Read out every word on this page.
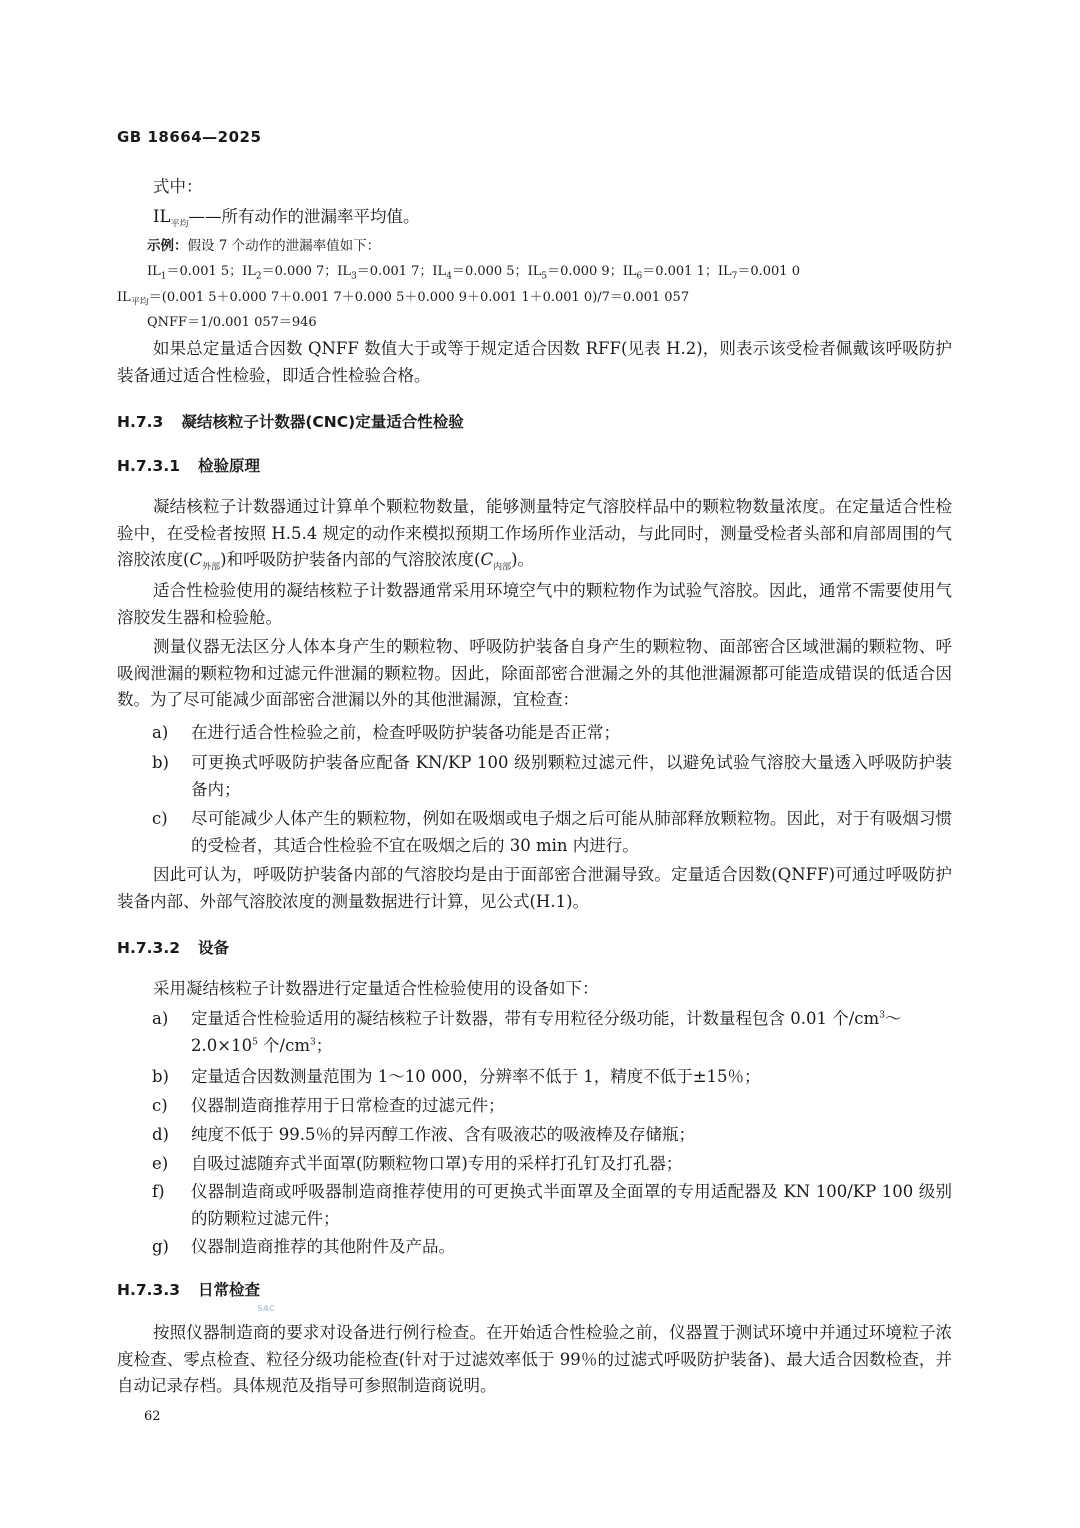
GB 18664—2025
式中：
$IL_{平均}——$所有动作的泄漏率平均值。
示例：假设 7 个动作的泄漏率值如下：
$IL_1=0.001$ 5；$IL_2=0.000$ 7；$IL_3=0.001$ 7；$IL_4=0.000$ 5；$IL_5=0.000$ 9；$IL_6=0.001$ 1；$IL_7=0.001$ 0
$IL_{平均}=(0.001$ 5＋0.000 7＋0.001 7＋0.000 5＋0.000 9＋0.001 1＋0.001 0)/7＝0.001 057
QNFF＝1/0.001 057＝946
如果总定量适合因数 QNFF 数值大于或等于规定适合因数 RFF(见表 H.2)，则表示该受检者佩戴该呼吸防护装备通过适合性检验，即适合性检验合格。
H.7.3 凝结核粒子计数器(CNC)定量适合性检验
H.7.3.1 检验原理
凝结核粒子计数器通过计算单个颗粒物数量，能够测量特定气溶胶样品中的颗粒物数量浓度。在定量适合性检验中，在受检者按照 H.5.4 规定的动作来模拟预期工作场所作业活动，与此同时，测量受检者头部和肩部周围的气溶胶浓度$(C_{外部})$和呼吸防护装备内部的气溶胶浓度$(C_{内部})$。
适合性检验使用的凝结核粒子计数器通常采用环境空气中的颗粒物作为试验气溶胶。因此，通常不需要使用气溶胶发生器和检验舱。
测量仪器无法区分人体本身产生的颗粒物、呼吸防护装备自身产生的颗粒物、面部密合区域泄漏的颗粒物、呼吸阀泄漏的颗粒物和过滤元件泄漏的颗粒物。因此，除面部密合泄漏之外的其他泄漏源都可能造成错误的低适合因数。为了尽可能减少面部密合泄漏以外的其他泄漏源，宜检查：
a) 在进行适合性检验之前，检查呼吸防护装备功能是否正常；
b) 可更换式呼吸防护装备应配备 KN/KP 100 级别颗粒过滤元件，以避免试验气溶胶大量透入呼吸防护装备内；
c) 尽可能减少人体产生的颗粒物，例如在吸烟或电子烟之后可能从肺部释放颗粒物。因此，对于有吸烟习惯的受检者，其适合性检验不宜在吸烟之后的 30 min 内进行。
因此可认为，呼吸防护装备内部的气溶胶均是由于面部密合泄漏导致。定量适合因数(QNFF)可通过呼吸防护装备内部、外部气溶胶浓度的测量数据进行计算，见公式(H.1)。
H.7.3.2 设备
采用凝结核粒子计数器进行定量适合性检验使用的设备如下：
a) 定量适合性检验适用的凝结核粒子计数器，带有专用粒径分级功能，计数量程包含 0.01 个$/cm^3\sim$
$2.0\times 10^5$ 个$/cm^3$；
b) 定量适合因数测量范围为 1～10 000，分辨率不低于 1，精度不低于±15％；
c) 仪器制造商推荐用于日常检查的过滤元件；
d) 纯度不低于 99.5％的异丙醇工作液、含有吸液芯的吸液棒及存储瓶；
e) 自吸过滤随弃式半面罩(防颗粒物口罩)专用的采样打孔钉及打孔器；
f) 仪器制造商或呼吸器制造商推荐使用的可更换式半面罩及全面罩的专用适配器及 KN 100/KP 100 级别的防颗粒过滤元件；
g) 仪器制造商推荐的其他附件及产品。
H.7.3.3 日常检查
SAC
按照仪器制造商的要求对设备进行例行检查。在开始适合性检验之前，仪器置于测试环境中并通过环境粒子浓度检查、零点检查、粒径分级功能检查(针对于过滤效率低于 99％的过滤式呼吸防护装备)、最大适合因数检查，并自动记录存档。具体规范及指导可参照制造商说明。
62
